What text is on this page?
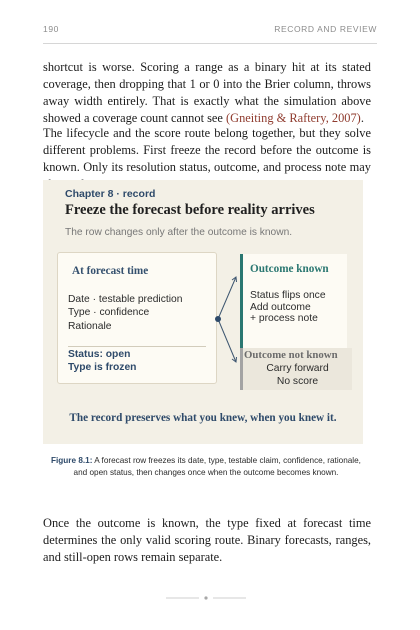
190	RECORD AND REVIEW
shortcut is worse. Scoring a range as a binary hit at its stated coverage, then dropping that 1 or 0 into the Brier column, throws away width entirely. That is exactly what the simulation above showed a coverage count cannot see (Gneiting & Raftery, 2007).
The lifecycle and the score route belong together, but they solve different problems. First freeze the record before the outcome is known. Only its resolution status, outcome, and process note may
Chapter 8 · record
Freeze the forecast before reality arrives
The row changes only after the outcome is known.
At forecast time
Date · testable prediction
Type · confidence
Rationale
Status: open
Type is frozen
Outcome known
Status flips once
Add outcome
+ process note
Outcome not known
Carry forward
No score
The record preserves what you knew, when you knew it.
Figure 8.1: A forecast row freezes its date, type, testable claim, confidence, rationale, and open status, then changes once when the outcome becomes known.
Once the outcome is known, the type fixed at forecast time determines the only valid scoring route. Binary forecasts, ranges, and still-open rows remain separate.
